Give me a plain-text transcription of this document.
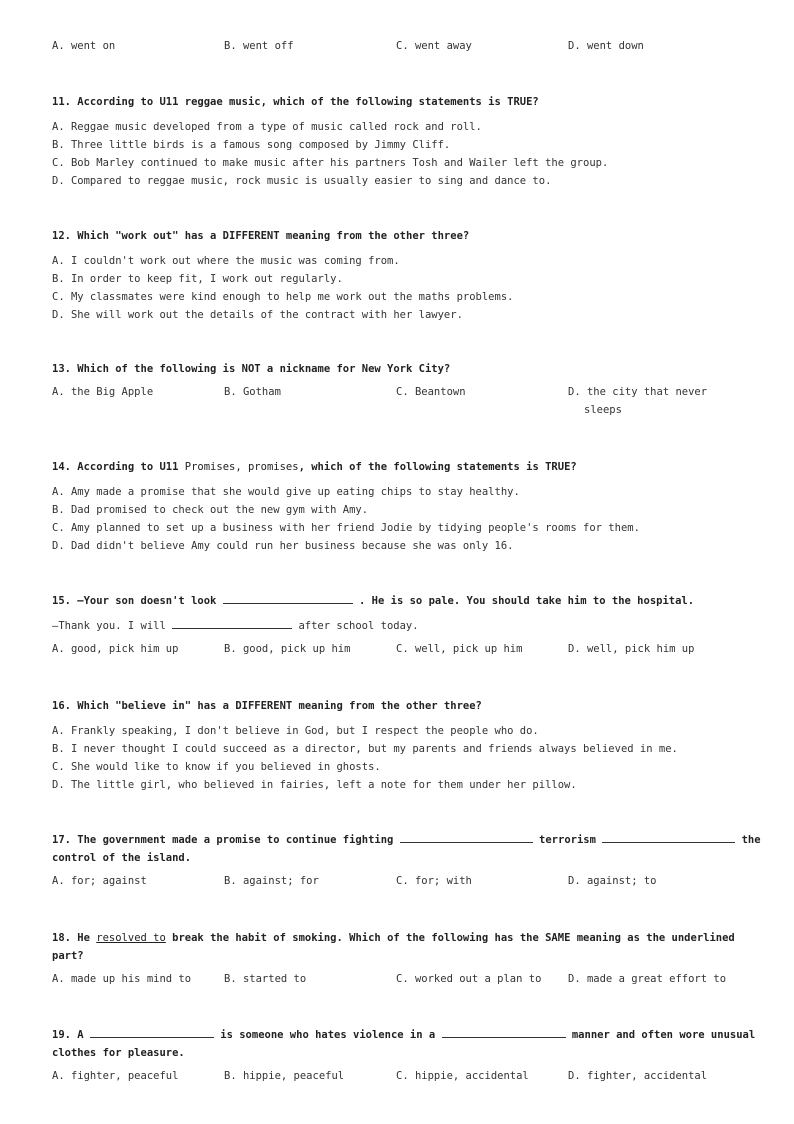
A. went on	B. went off	C. went away	D. went down
11. According to U11 reggae music, which of the following statements is TRUE?
A. Reggae music developed from a type of music called rock and roll.
B. Three little birds is a famous song composed by Jimmy Cliff.
C. Bob Marley continued to make music after his partners Tosh and Wailer left the group.
D. Compared to reggae music, rock music is usually easier to sing and dance to.
12. Which "work out" has a DIFFERENT meaning from the other three?
A. I couldn't work out where the music was coming from.
B. In order to keep fit, I work out regularly.
C. My classmates were kind enough to help me work out the maths problems.
D. She will work out the details of the contract with her lawyer.
13. Which of the following is NOT a nickname for New York City?
A. the Big Apple	B. Gotham	C. Beantown	D. the city that never
sleeps
14. According to U11 Promises, promises, which of the following statements is TRUE?
A. Amy made a promise that she would give up eating chips to stay healthy.
B. Dad promised to check out the new gym with Amy.
C. Amy planned to set up a business with her friend Jodie by tidying people's rooms for them.
D. Dad didn't believe Amy could run her business because she was only 16.
15. —Your son doesn't look	. He is so pale. You should take him to the hospital.
—Thank you. I will	after school today.
A. good, pick him up	B. good, pick up him	C. well, pick up him	D. well, pick him up
16. Which "believe in" has a DIFFERENT meaning from the other three?
A. Frankly speaking, I don't believe in God, but I respect the people who do.
B. I never thought I could succeed as a director, but my parents and friends always believed in me.
C. She would like to know if you believed in ghosts.
D. The little girl, who believed in fairies, left a note for them under her pillow.
17. The government made a promise to continue fighting	terrorism	the
control of the island.
A. for; against	B. against; for	C. for; with	D. against; to
18. He resolved to break the habit of smoking. Which of the following has the SAME meaning as the underlined
part?
A. made up his mind to	B. started to	C. worked out a plan to	D. made a great effort to
19. A	is someone who hates violence in a	manner and often wore unusual
clothes for pleasure.
A. fighter, peaceful	B. hippie, peaceful	C. hippie, accidental	D. fighter, accidental
